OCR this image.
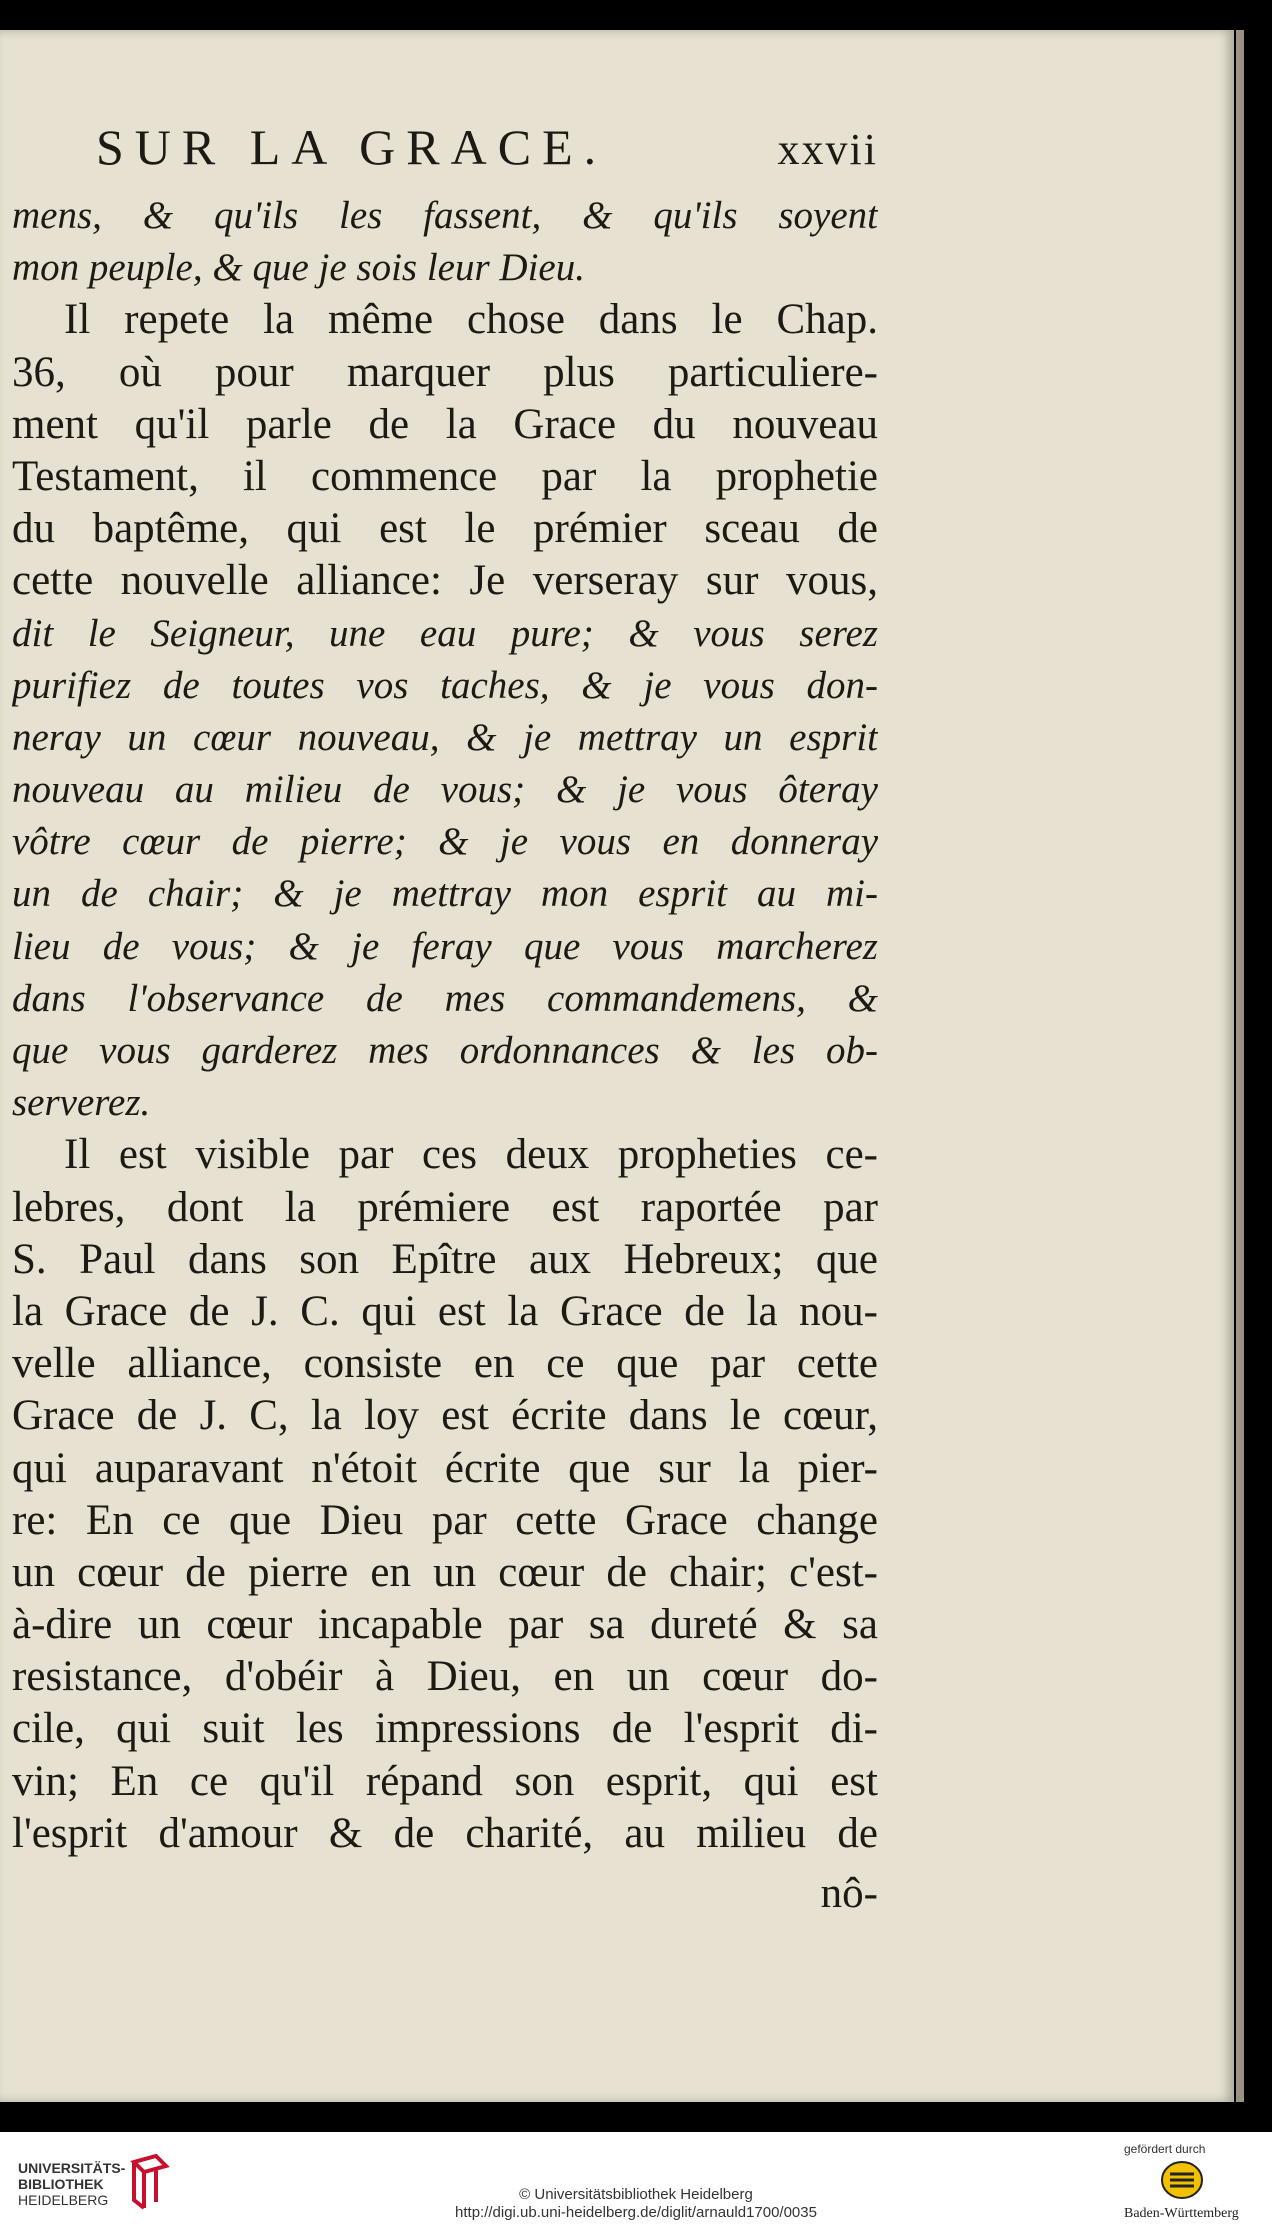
SUR LA GRACE.	xxvii
mens, & qu'ils les fassent, & qu'ils soyent
mon peuple, & que je sois leur Dieu.
Il repete la même chose dans le Chap.
36, où pour marquer plus particuliere-
ment qu'il parle de la Grace du nouveau
Testament, il commence par la prophetie
du baptême, qui est le prémier sceau de
cette nouvelle alliance: Je verseray sur vous,
dit le Seigneur, une eau pure; & vous serez
purifiez de toutes vos taches, & je vous don-
neray un cœur nouveau, & je mettray un esprit
nouveau au milieu de vous; & je vous ôteray
vôtre cœur de pierre; & je vous en donneray
un de chair; & je mettray mon esprit au mi-
lieu de vous; & je feray que vous marcherez
dans l'observance de mes commandemens, &
que vous garderez mes ordonnances & les ob-
serverez.
Il est visible par ces deux propheties ce-
lebres, dont la prémiere est raportée par
S. Paul dans son Epître aux Hebreux; que
la Grace de J. C. qui est la Grace de la nou-
velle alliance, consiste en ce que par cette
Grace de J. C, la loy est écrite dans le cœur,
qui auparavant n'étoit écrite que sur la pier-
re: En ce que Dieu par cette Grace change
un cœur de pierre en un cœur de chair; c'est-
à-dire un cœur incapable par sa dureté & sa
resistance, d'obéir à Dieu, en un cœur do-
cile, qui suit les impressions de l'esprit di-
vin; En ce qu'il répand son esprit, qui est
l'esprit d'amour & de charité, au milieu de
nô-
UNIVERSITÄTS-
BIBLIOTHEK
HEIDELBERG	© Universitätsbibliothek Heidelberg
http://digi.ub.uni-heidelberg.de/diglit/arnauld1700/0035
gefördert durch
Baden-Württemberg
